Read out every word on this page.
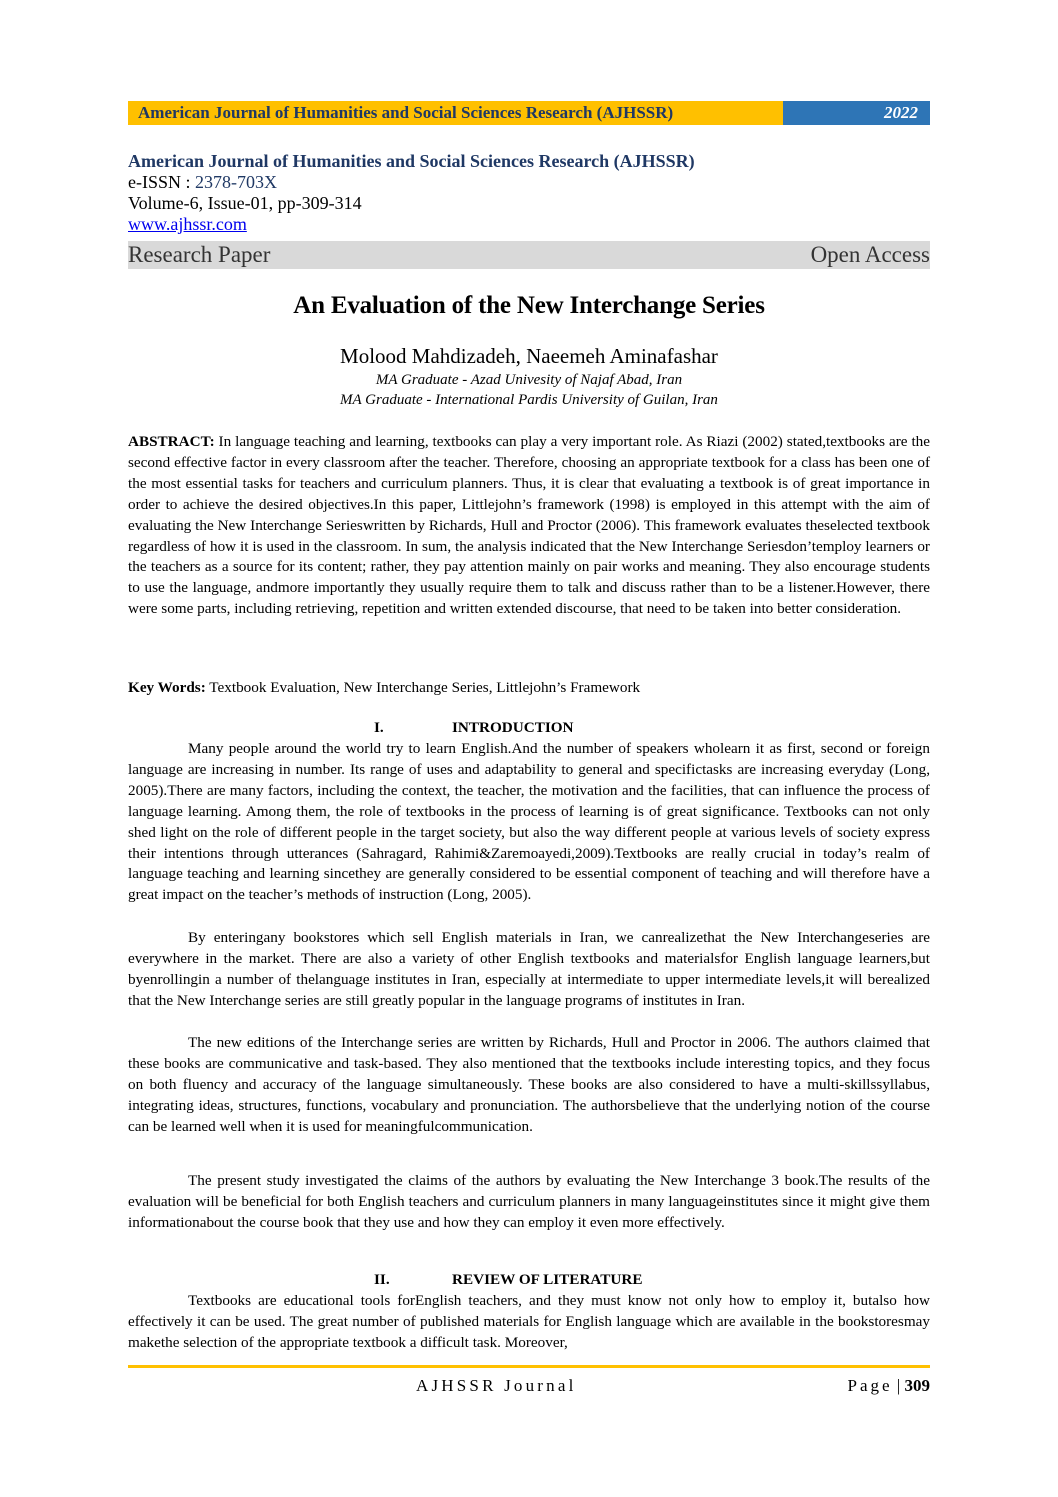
American Journal of Humanities and Social Sciences Research (AJHSSR)	2022
American Journal of Humanities and Social Sciences Research (AJHSSR)
e-ISSN : 2378-703X
Volume-6, Issue-01, pp-309-314
www.ajhssr.com
Research Paper	Open Access
An Evaluation of the New Interchange Series
Molood Mahdizadeh, Naeemeh Aminafashar
MA Graduate - Azad Univesity of Najaf Abad, Iran
MA Graduate - International Pardis University of Guilan, Iran

ABSTRACT: In language teaching and learning, textbooks can play a very important role. As Riazi (2002) stated,textbooks are the second effective factor in every classroom after the teacher. Therefore, choosing an appropriate textbook for a class has been one of the most essential tasks for teachers and curriculum planners. Thus, it is clear that evaluating a textbook is of great importance in order to achieve the desired objectives.In this paper, Littlejohn’s framework (1998) is employed in this attempt with the aim of evaluating the New Interchange Serieswritten by Richards, Hull and Proctor (2006). This framework evaluates theselected textbook regardless of how it is used in the classroom. In sum, the analysis indicated that the New Interchange Seriesdon’temploy learners or the teachers as a source for its content; rather, they pay attention mainly on pair works and meaning. They also encourage students to use the language, andmore importantly they usually require them to talk and discuss rather than to be a listener.However, there were some parts, including retrieving, repetition and written extended discourse, that need to be taken into better consideration.

Key Words: Textbook Evaluation, New Interchange Series, Littlejohn’s Framework

I.	INTRODUCTION

Many people around the world try to learn English.And the number of speakers wholearn it as first, second or foreign language are increasing in number. Its range of uses and adaptability to general and specifictasks are increasing everyday (Long, 2005).There are many factors, including the context, the teacher, the motivation and the facilities, that can influence the process of language learning. Among them, the role of textbooks in the process of learning is of great significance. Textbooks can not only shed light on the role of different people in the target society, but also the way different people at various levels of society express their intentions through utterances (Sahragard, Rahimi&Zaremoayedi,2009).Textbooks are really crucial in today’s realm of language teaching and learning sincethey are generally considered to be essential component of teaching and will therefore have a great impact on the teacher’s methods of instruction (Long, 2005).

By enteringany bookstores which sell English materials in Iran, we canrealizethat the New Interchangeseries are everywhere in the market. There are also a variety of other English textbooks and materialsfor English language learners,but byenrollingin a number of thelanguage institutes in Iran, especially at intermediate to upper intermediate levels,it will berealized that the New Interchange series are still greatly popular in the language programs of institutes in Iran.

The new editions of the Interchange series are written by Richards, Hull and Proctor in 2006. The authors claimed that these books are communicative and task-based. They also mentioned that the textbooks include interesting topics, and they focus on both fluency and accuracy of the language simultaneously. These books are also considered to have a multi-skillssyllabus, integrating ideas, structures, functions, vocabulary and pronunciation. The authorsbelieve that the underlying notion of the course can be learned well when it is used for meaningfulcommunication.

The present study investigated the claims of the authors by evaluating the New Interchange 3 book.The results of the evaluation will be beneficial for both English teachers and curriculum planners in many languageinstitutes since it might give them informationabout the course book that they use and how they can employ it even more effectively.

II.	REVIEW OF LITERATURE

Textbooks are educational tools forEnglish teachers, and they must know not only how to employ it, butalso how effectively it can be used. The great number of published materials for English language which are available in the bookstoresmay makethe selection of the appropriate textbook a difficult task. Moreover,

AJHSSR Journal	Page | 309
